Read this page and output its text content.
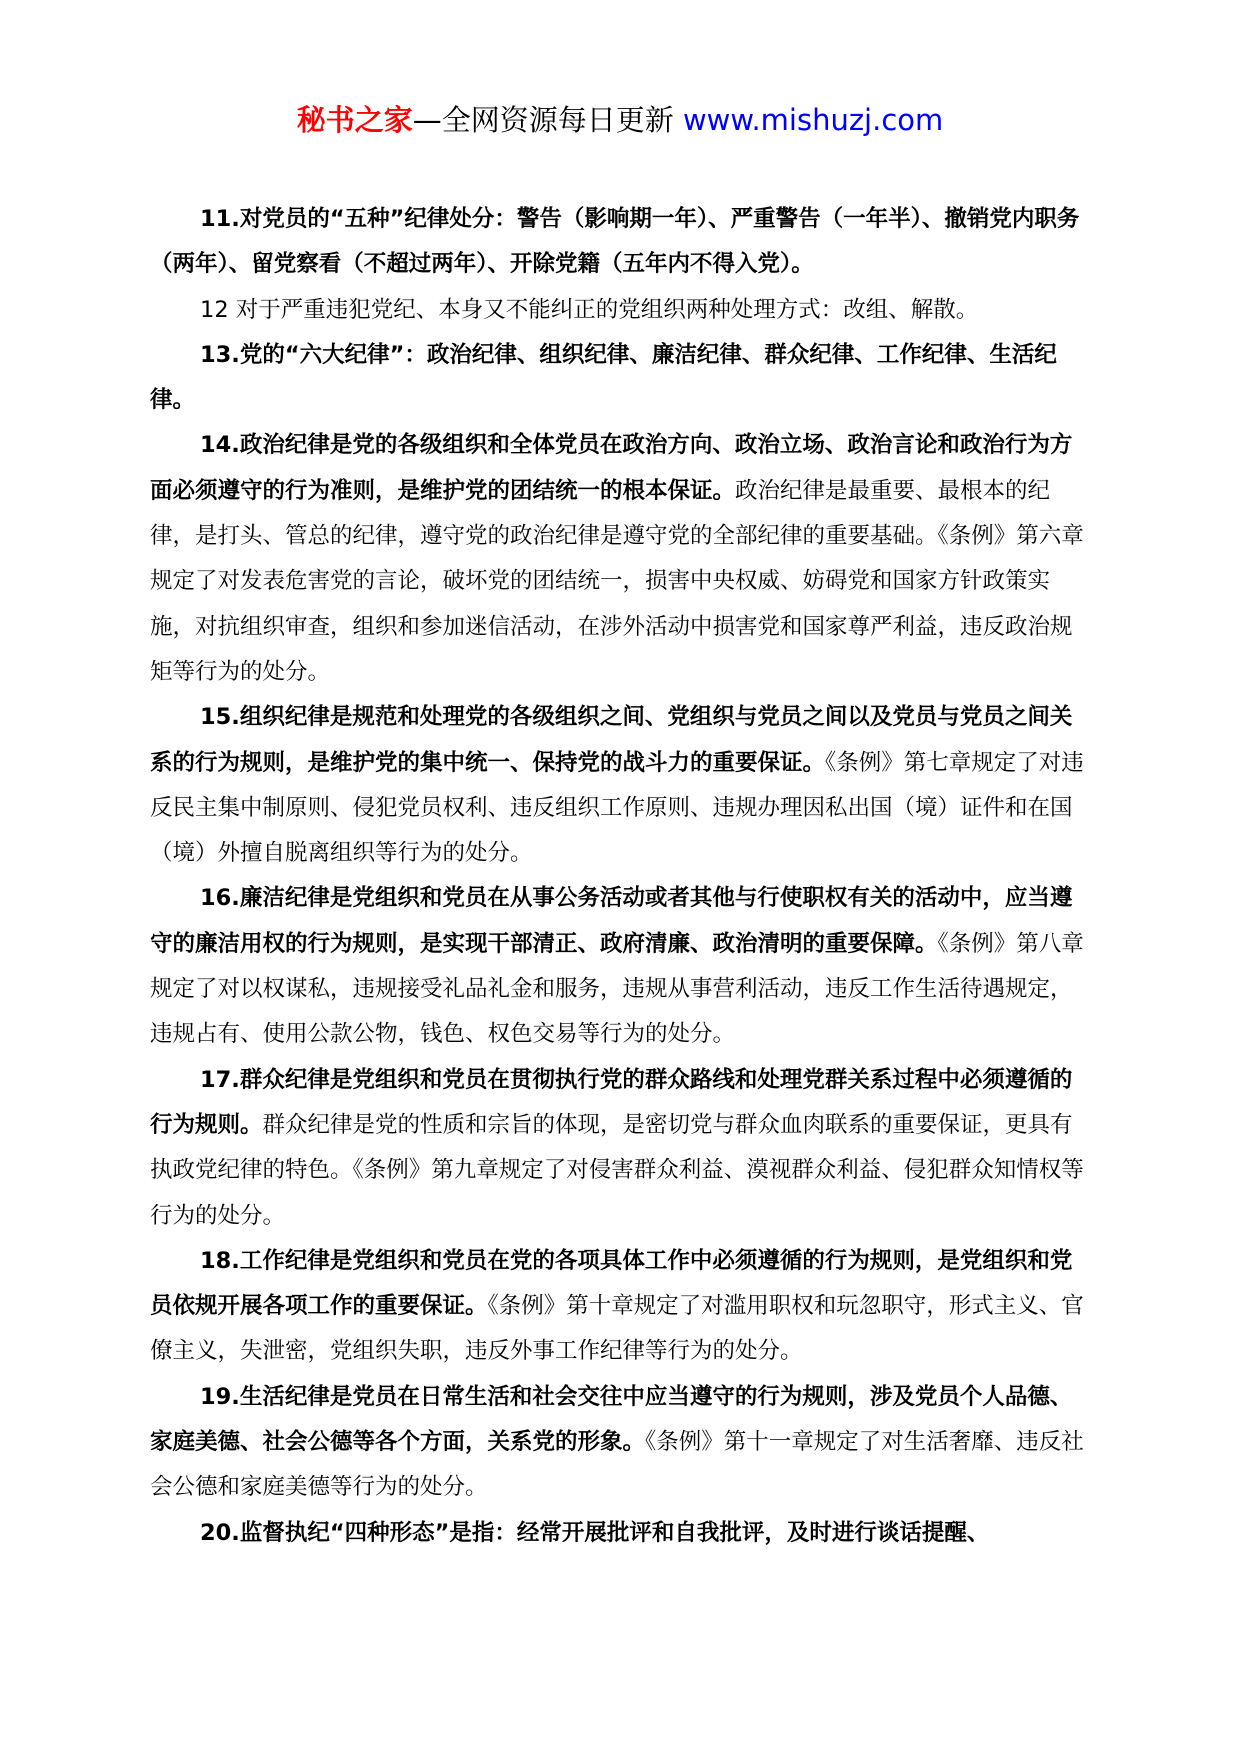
秘书之家—全网资源每日更新 www.mishuzj.com

11.对党员的“五种”纪律处分：警告（影响期一年）、严重警告（一年半）、撤销党内职务（两年）、留党察看（不超过两年）、开除党籍（五年内不得入党）。

12 对于严重违犯党纪、本身又不能纠正的党组织两种处理方式：改组、解散。

13.党的“六大纪律”：政治纪律、组织纪律、廉洁纪律、群众纪律、工作纪律、生活纪律。

14.政治纪律是党的各级组织和全体党员在政治方向、政治立场、政治言论和政治行为方面必须遵守的行为准则，是维护党的团结统一的根本保证。政治纪律是最重要、最根本的纪律，是打头、管总的纪律，遵守党的政治纪律是遵守党的全部纪律的重要基础。《条例》第六章规定了对发表危害党的言论，破坏党的团结统一，损害中央权威、妨碍党和国家方针政策实施，对抗组织审查，组织和参加迷信活动，在涉外活动中损害党和国家尊严利益，违反政治规矩等行为的处分。

15.组织纪律是规范和处理党的各级组织之间、党组织与党员之间以及党员与党员之间关系的行为规则，是维护党的集中统一、保持党的战斗力的重要保证。《条例》第七章规定了对违反民主集中制原则、侵犯党员权利、违反组织工作原则、违规办理因私出国（境）证件和在国（境）外擅自脱离组织等行为的处分。

16.廉洁纪律是党组织和党员在从事公务活动或者其他与行使职权有关的活动中，应当遵守的廉洁用权的行为规则，是实现干部清正、政府清廉、政治清明的重要保障。《条例》第八章规定了对以权谋私，违规接受礼品礼金和服务，违规从事营利活动，违反工作生活待遇规定，违规占有、使用公款公物，钱色、权色交易等行为的处分。

17.群众纪律是党组织和党员在贯彻执行党的群众路线和处理党群关系过程中必须遵循的行为规则。群众纪律是党的性质和宗旨的体现，是密切党与群众血肉联系的重要保证，更具有执政党纪律的特色。《条例》第九章规定了对侵害群众利益、漠视群众利益、侵犯群众知情权等行为的处分。

18.工作纪律是党组织和党员在党的各项具体工作中必须遵循的行为规则，是党组织和党员依规开展各项工作的重要保证。《条例》第十章规定了对滥用职权和玩忽职守，形式主义、官僚主义，失泄密，党组织失职，违反外事工作纪律等行为的处分。

19.生活纪律是党员在日常生活和社会交往中应当遵守的行为规则，涉及党员个人品德、家庭美德、社会公德等各个方面，关系党的形象。《条例》第十一章规定了对生活奢靡、违反社会公德和家庭美德等行为的处分。

20.监督执纪“四种形态”是指：经常开展批评和自我批评，及时进行谈话提醒、
